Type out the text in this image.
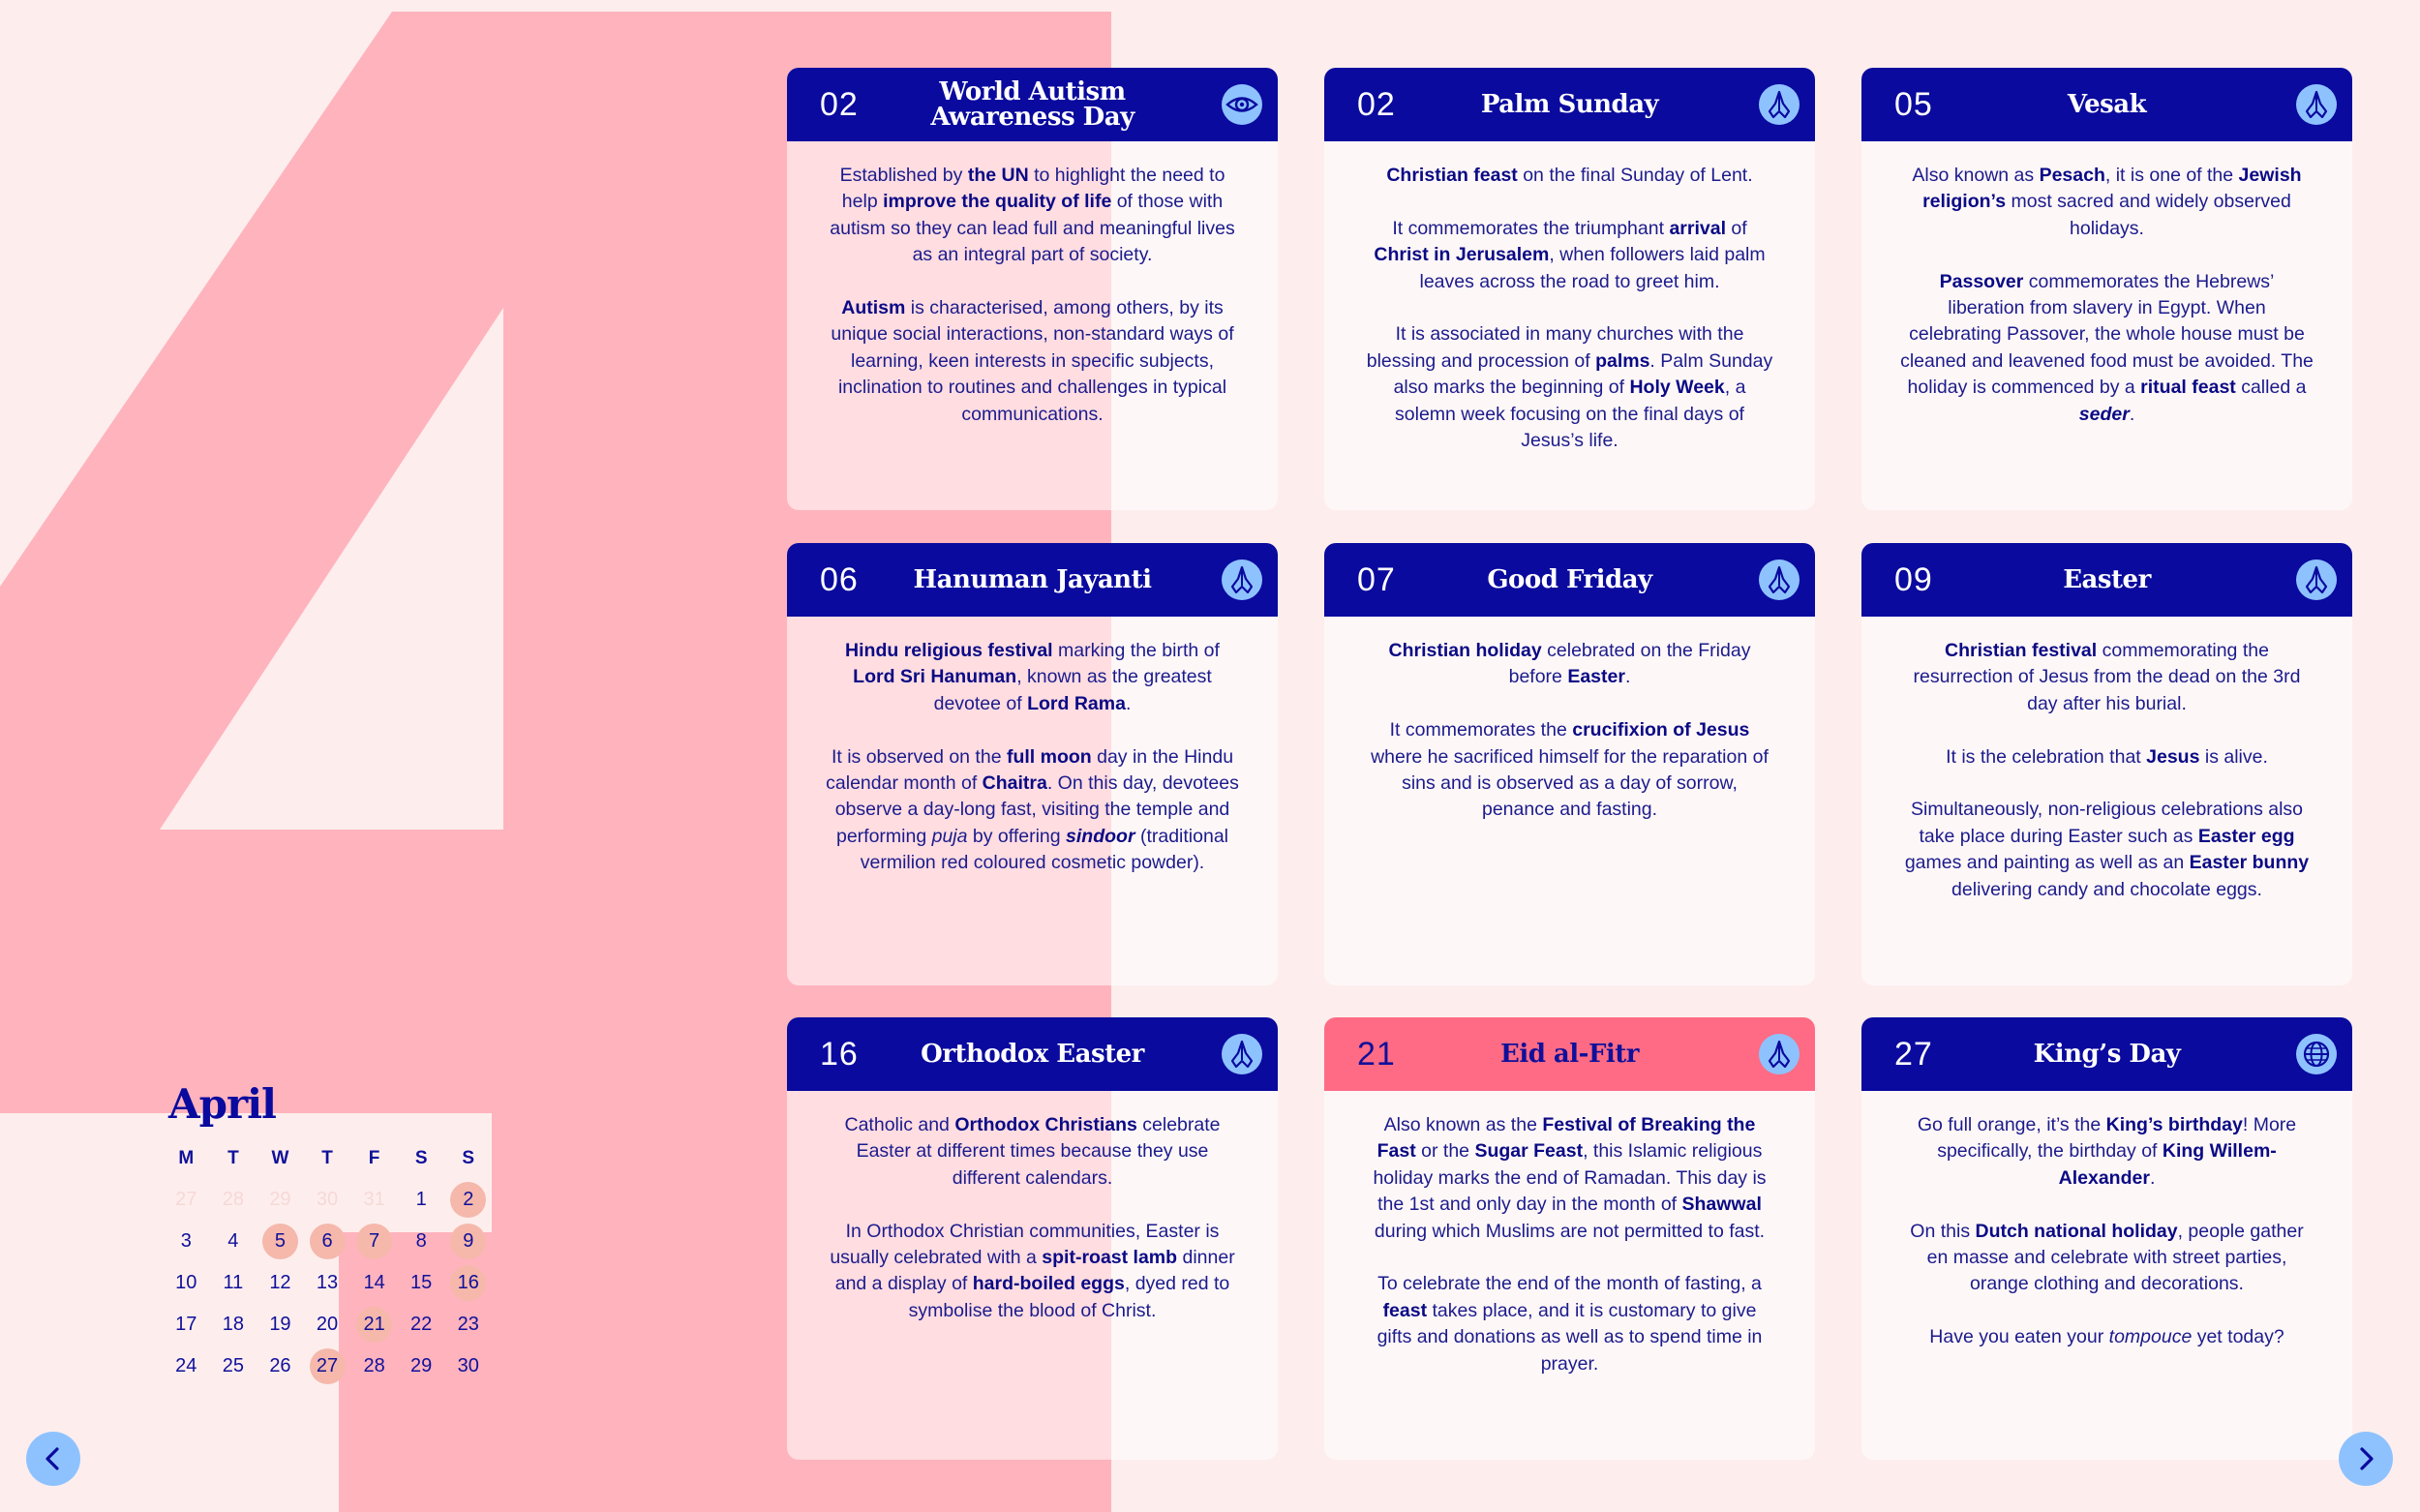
02	World Autism Awareness Day

Established by the UN to highlight the need to help improve the quality of life of those with autism so they can lead full and meaningful lives as an integral part of society.

Autism is characterised, among others, by its unique social interactions, non-standard ways of learning, keen interests in specific subjects, inclination to routines and challenges in typical communications.

02	Palm Sunday

Christian feast on the final Sunday of Lent.

It commemorates the triumphant arrival of Christ in Jerusalem, when followers laid palm leaves across the road to greet him.

It is associated in many churches with the blessing and procession of palms. Palm Sunday also marks the beginning of Holy Week, a solemn week focusing on the final days of Jesus’s life.

05	Vesak

Also known as Pesach, it is one of the Jewish religion’s most sacred and widely observed holidays.

Passover commemorates the Hebrews’ liberation from slavery in Egypt. When celebrating Passover, the whole house must be cleaned and leavened food must be avoided. The holiday is commenced by a ritual feast called a seder.

06	Hanuman Jayanti

Hindu religious festival marking the birth of Lord Sri Hanuman, known as the greatest devotee of Lord Rama.

It is observed on the full moon day in the Hindu calendar month of Chaitra. On this day, devotees observe a day-long fast, visiting the temple and performing puja by offering sindoor (traditional vermilion red coloured cosmetic powder).

07	Good Friday

Christian holiday celebrated on the Friday before Easter.

It commemorates the crucifixion of Jesus where he sacrificed himself for the reparation of sins and is observed as a day of sorrow, penance and fasting.

09	Easter

Christian festival commemorating the resurrection of Jesus from the dead on the 3rd day after his burial.

It is the celebration that Jesus is alive.

Simultaneously, non-religious celebrations also take place during Easter such as Easter egg games and painting as well as an Easter bunny delivering candy and chocolate eggs.

16	Orthodox Easter

Catholic and Orthodox Christians celebrate Easter at different times because they use different calendars.

In Orthodox Christian communities, Easter is usually celebrated with a spit-roast lamb dinner and a display of hard-boiled eggs, dyed red to symbolise the blood of Christ.

21	Eid al-Fitr

Also known as the Festival of Breaking the Fast or the Sugar Feast, this Islamic religious holiday marks the end of Ramadan. This day is the 1st and only day in the month of Shawwal during which Muslims are not permitted to fast.

To celebrate the end of the month of fasting, a feast takes place, and it is customary to give gifts and donations as well as to spend time in prayer.

27	King’s Day

Go full orange, it’s the King’s birthday! More specifically, the birthday of King Willem-Alexander.

On this Dutch national holiday, people gather en masse and celebrate with street parties, orange clothing and decorations.

Have you eaten your tompouce yet today?

April
M	T	W	T	F	S	S
27 28 29 30 31 1 2
3 4 5 6 7 8 9
10 11 12 13 14 15 16
17 18 19 20 21 22 23
24 25 26 27 28 29 30
